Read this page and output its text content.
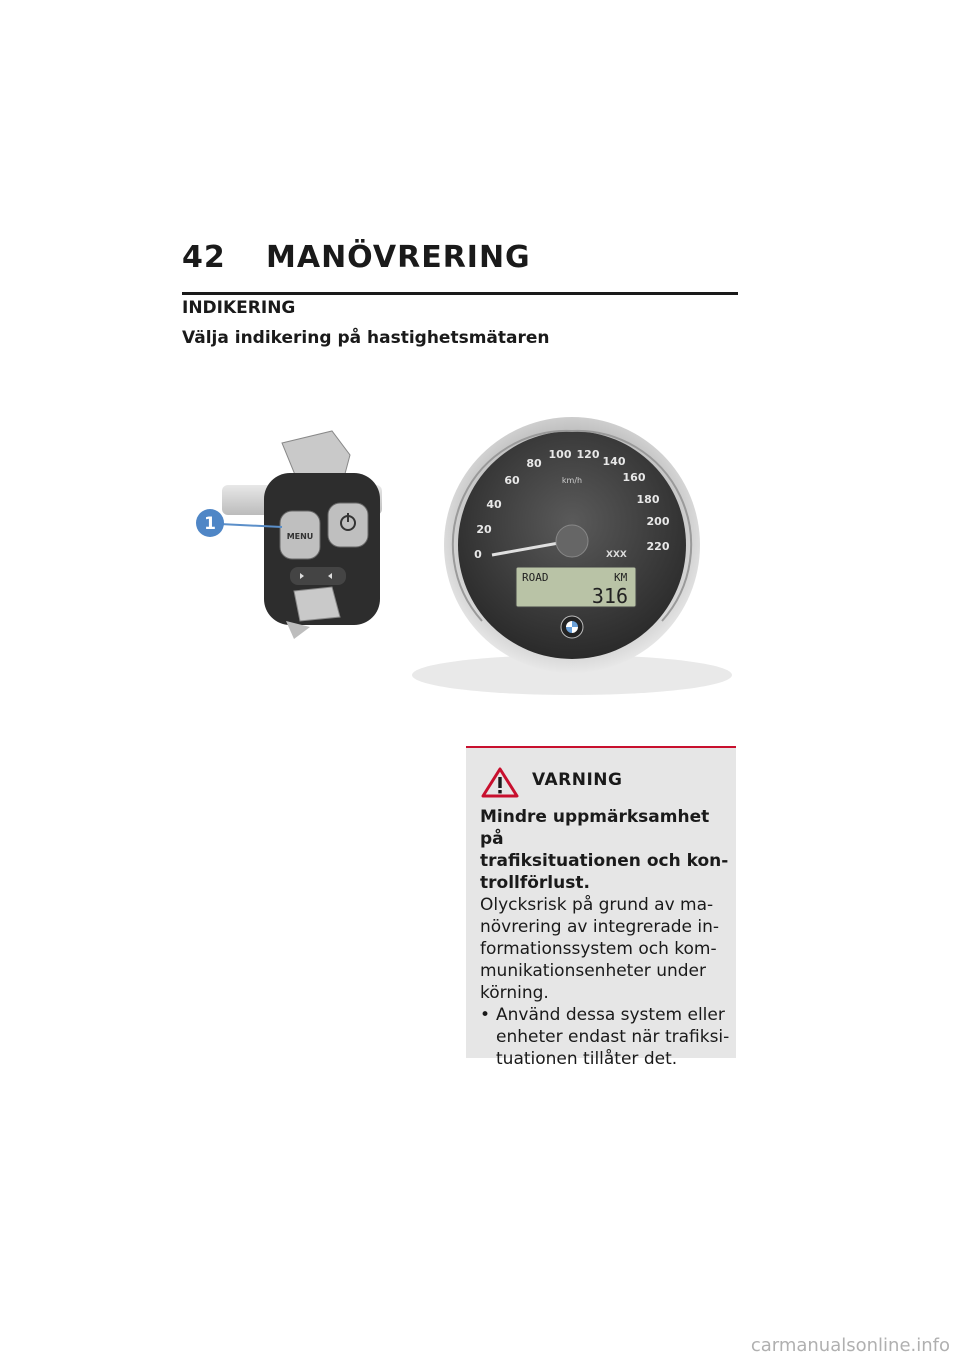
42 MANÖVRERING
INDIKERING
Välja indikering på hastighetsmätaren
MENU
1
0
20
40
60
80
100 120
140
160
180
200
220
km/h
XXX
ROAD	KM
316
VARNING
Mindre uppmärksamhet på
trafiksituationen och kon-
trollförlust.
Olycksrisk på grund av ma-
növrering av integrerade in-
formationssystem och kom-
munikationsenheter under
körning.
• Använd dessa system eller
enheter endast när trafiksi-
tuationen tillåter det.
carmanualsonline.info
